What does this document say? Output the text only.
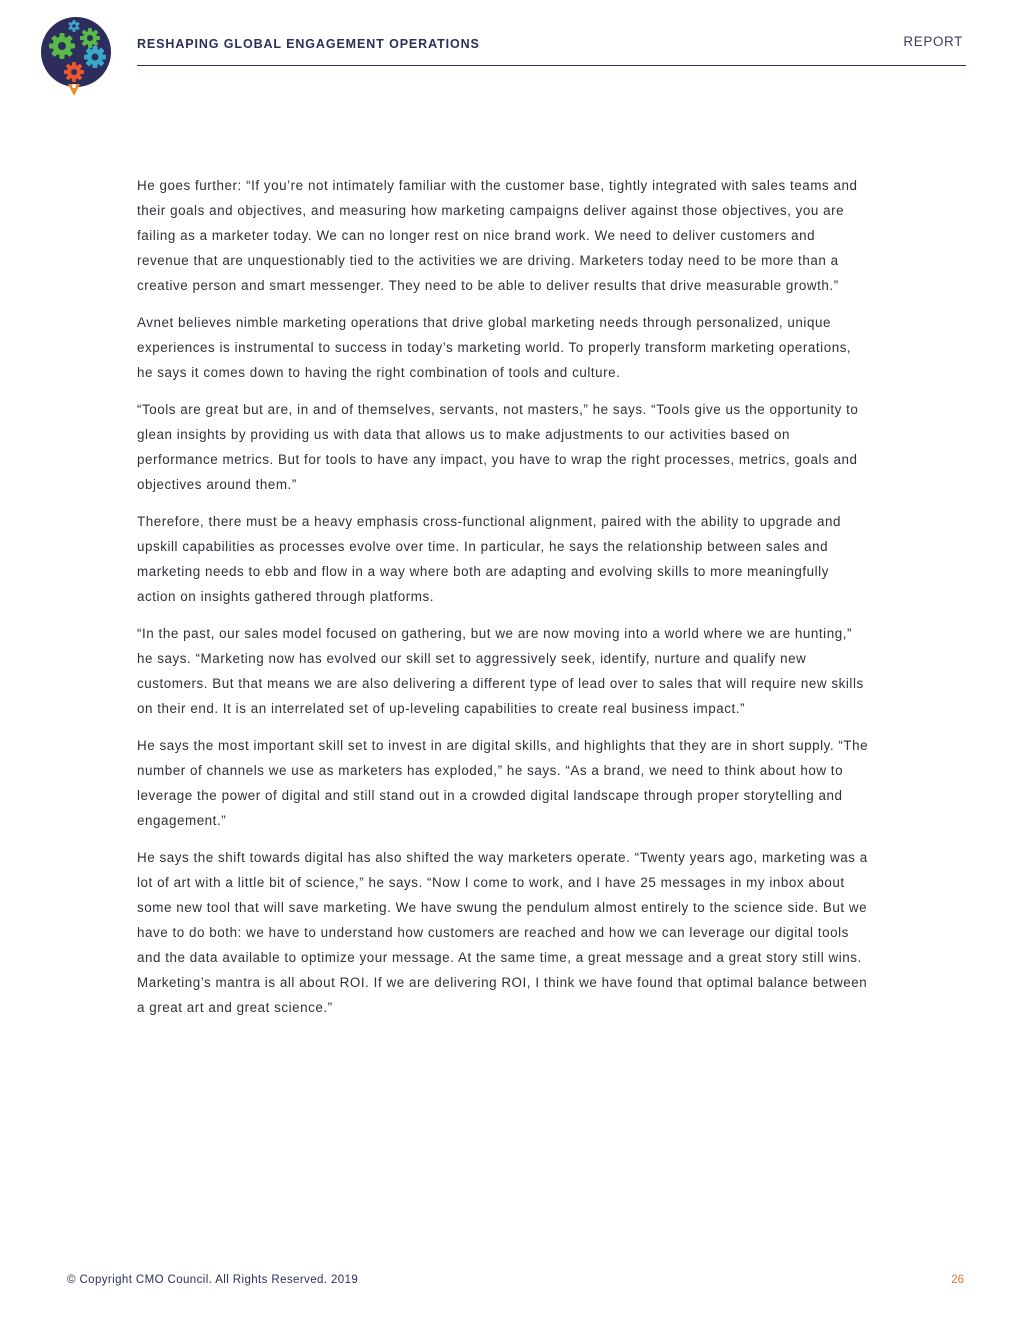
RESHAPING GLOBAL ENGAGEMENT OPERATIONS	REPORT

He goes further: “If you’re not intimately familiar with the customer base, tightly integrated with sales teams and their goals and objectives, and measuring how marketing campaigns deliver against those objectives, you are failing as a marketer today. We can no longer rest on nice brand work. We need to deliver customers and revenue that are unquestionably tied to the activities we are driving. Marketers today need to be more than a creative person and smart messenger. They need to be able to deliver results that drive measurable growth.”

Avnet believes nimble marketing operations that drive global marketing needs through personalized, unique experiences is instrumental to success in today’s marketing world. To properly transform marketing operations, he says it comes down to having the right combination of tools and culture.

“Tools are great but are, in and of themselves, servants, not masters,” he says. “Tools give us the opportunity to glean insights by providing us with data that allows us to make adjustments to our activities based on performance metrics. But for tools to have any impact, you have to wrap the right processes, metrics, goals and objectives around them.”

Therefore, there must be a heavy emphasis cross-functional alignment, paired with the ability to upgrade and upskill capabilities as processes evolve over time. In particular, he says the relationship between sales and marketing needs to ebb and flow in a way where both are adapting and evolving skills to more meaningfully action on insights gathered through platforms.

“In the past, our sales model focused on gathering, but we are now moving into a world where we are hunting,” he says. “Marketing now has evolved our skill set to aggressively seek, identify, nurture and qualify new customers. But that means we are also delivering a different type of lead over to sales that will require new skills on their end. It is an interrelated set of up-leveling capabilities to create real business impact.”

He says the most important skill set to invest in are digital skills, and highlights that they are in short supply. “The number of channels we use as marketers has exploded,” he says. “As a brand, we need to think about how to leverage the power of digital and still stand out in a crowded digital landscape through proper storytelling and engagement.”

He says the shift towards digital has also shifted the way marketers operate. “Twenty years ago, marketing was a lot of art with a little bit of science,” he says. “Now I come to work, and I have 25 messages in my inbox about some new tool that will save marketing. We have swung the pendulum almost entirely to the science side. But we have to do both: we have to understand how customers are reached and how we can leverage our digital tools and the data available to optimize your message. At the same time, a great message and a great story still wins. Marketing’s mantra is all about ROI. If we are delivering ROI, I think we have found that optimal balance between a great art and great science.”

© Copyright CMO Council. All Rights Reserved. 2019	26
